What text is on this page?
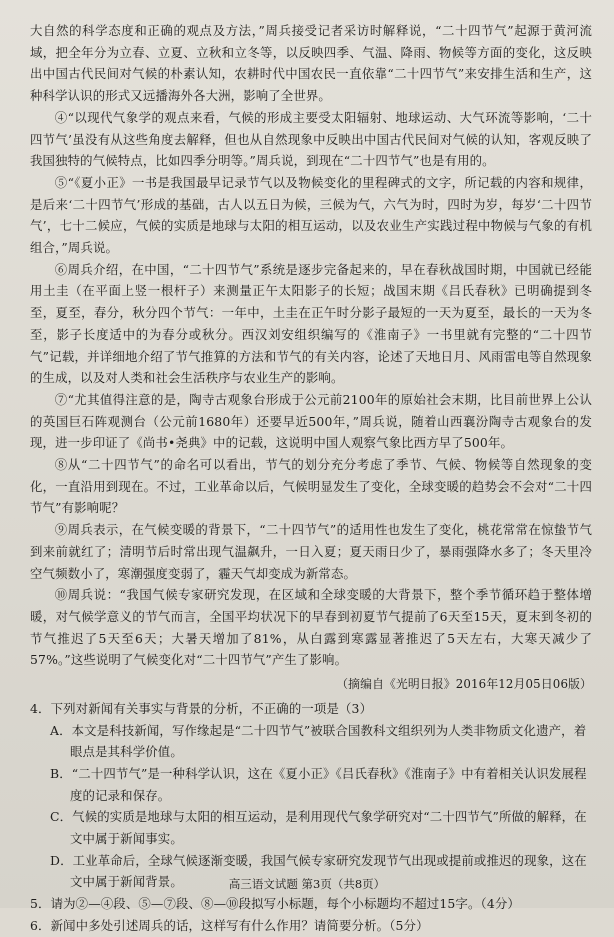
大自然的科学态度和正确的观点及方法，”周兵接受记者采访时解释说，“二十四节气”起源于黄河流域，把全年分为立春、立夏、立秋和立冬等，以反映四季、气温、降雨、物候等方面的变化，这反映出中国古代民间对气候的朴素认知，农耕时代中国农民一直依靠“二十四节气”来安排生活和生产，这种科学认识的形式又远播海外各大洲，影响了全世界。

④“以现代气象学的观点来看，气候的形成主要受太阳辐射、地球运动、大气环流等影响，‘二十四节气’虽没有从这些角度去解释，但也从自然现象中反映出中国古代民间对气候的认知，客观反映了我国独特的气候特点，比如四季分明等。”周兵说，到现在“二十四节气”也是有用的。

⑤“《夏小正》一书是我国最早记录节气以及物候变化的里程碑式的文字，所记载的内容和规律，是后来‘二十四节气’形成的基础，古人以五日为候，三候为气，六气为时，四时为岁，每岁‘二十四节气’，七十二候应，气候的实质是地球与太阳的相互运动，以及农业生产实践过程中物候与气象的有机组合，”周兵说。

⑥周兵介绍，在中国，“二十四节气”系统是逐步完备起来的，早在春秋战国时期，中国就已经能用土圭（在平面上竖一根杆子）来测量正午太阳影子的长短；战国末期《吕氏春秋》已明确提到冬至，夏至，春分，秋分四个节气：一年中，土圭在正午时分影子最短的一天为夏至，最长的一天为冬至，影子长度适中的为春分或秋分。西汉刘安组织编写的《淮南子》一书里就有完整的“二十四节气”记载，并详细地介绍了节气推算的方法和节气的有关内容，论述了天地日月、风雨雷电等自然现象的生成，以及对人类和社会生活秩序与农业生产的影响。

⑦“尤其值得注意的是，陶寺古观象台形成于公元前2100年的原始社会末期，比目前世界上公认的英国巨石阵观测台（公元前1680年）还要早近500年，”周兵说，随着山西襄汾陶寺古观象台的发现，进一步印证了《尚书•尧典》中的记载，这说明中国人观察气象比西方早了500年。

⑧从“二十四节气”的命名可以看出，节气的划分充分考虑了季节、气候、物候等自然现象的变化，一直沿用到现在。不过，工业革命以后，气候明显发生了变化，全球变暖的趋势会不会对“二十四节气”有影响呢？

⑨周兵表示，在气候变暖的背景下，“二十四节气”的适用性也发生了变化，桃花常常在惊蛰节气到来前就红了；清明节后时常出现气温飙升，一日入夏；夏天雨日少了，暴雨强降水多了；冬天里冷空气频数小了，寒潮强度变弱了，霾天气却变成为新常态。

⑩周兵说：“我国气候专家研究发现，在区域和全球变暖的大背景下，整个季节循环趋于整体增暖，对气候学意义的节气而言，全国平均状况下的早春到初夏节气提前了6天至15天，夏末到冬初的节气推迟了5天至6天；大暑天增加了81%，从白露到寒露显著推迟了5天左右，大寒天减少了57%。”这些说明了气候变化对“二十四节气”产生了影响。

（摘编自《光明日报》2016年12月05日06版）

4．下列对新闻有关事实与背景的分析，不正确的一项是（3）

A．本文是科技新闻，写作缘起是“二十四节气”被联合国教科文组织列为人类非物质文化遗产，着眼点是其科学价值。

B．“二十四节气”是一种科学认识，这在《夏小正》《吕氏春秋》《淮南子》中有着相关认识发展程度的记录和保存。

C．气候的实质是地球与太阳的相互运动，是利用现代气象学研究对“二十四节气”所做的解释，在文中属于新闻事实。

D．工业革命后，全球气候逐渐变暖，我国气候专家研究发现节气出现或提前或推迟的现象，这在文中属于新闻背景。

5．请为②—④段、⑤—⑦段、⑧—⑩段拟写小标题，每个小标题均不超过15字。（4分）

6．新闻中多处引述周兵的话，这样写有什么作用？请简要分析。（5分）

高三语文试题 第3页（共8页）
